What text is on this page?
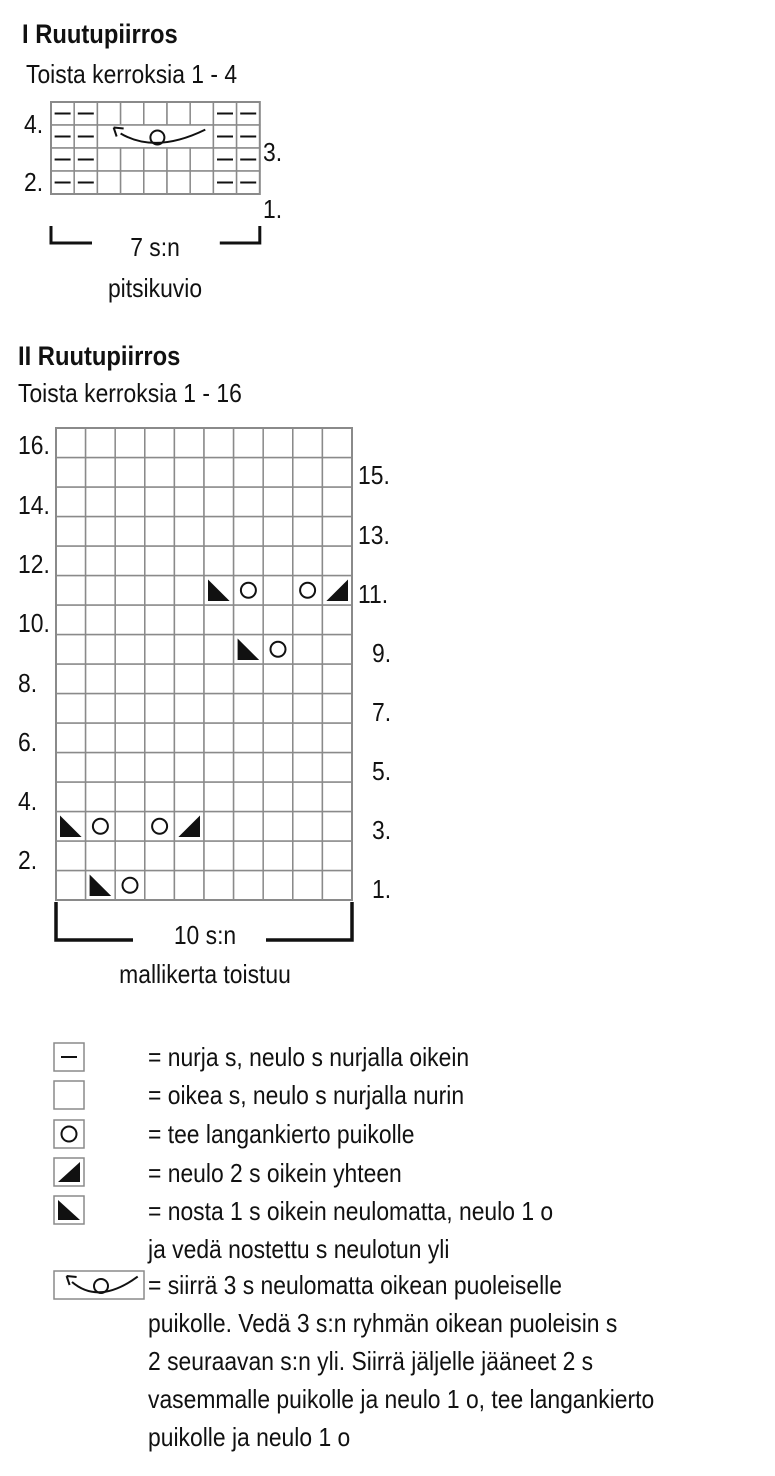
I Ruutupiirros
Toista kerroksia 1 - 4
4.
2.
3.
1.
7 s:n
pitsikuvio
II Ruutupiirros
Toista kerroksia 1 - 16
16.
14.
12.
10.
8.
6.
4.
2.
15.
13.
11.
9.
7.
5.
3.
1.
10 s:n
mallikerta toistuu
= nurja s, neulo s nurjalla oikein
= oikea s, neulo s nurjalla nurin
= tee langankierto puikolle
= neulo 2 s oikein yhteen
= nosta 1 s oikein neulomatta, neulo 1 o
ja vedä nostettu s neulotun yli
= siirrä 3 s neulomatta oikean puoleiselle
puikolle. Vedä 3 s:n ryhmän oikean puoleisin s
2 seuraavan s:n yli. Siirrä jäljelle jääneet 2 s
vasemmalle puikolle ja neulo 1 o, tee langankierto
puikolle ja neulo 1 o
